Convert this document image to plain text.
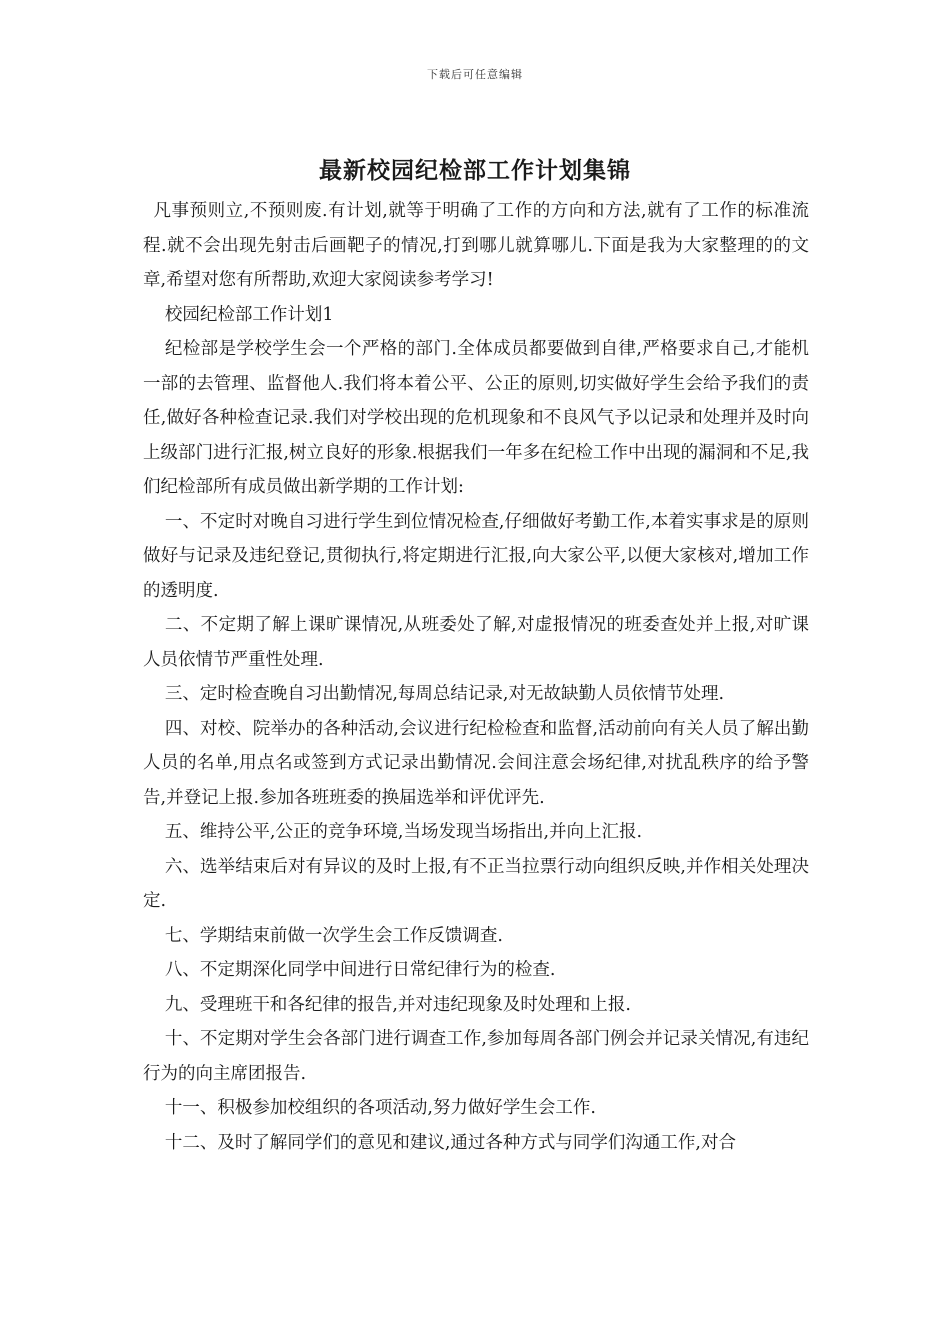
下载后可任意编辑
最新校园纪检部工作计划集锦

凡事预则立,不预则废.有计划,就等于明确了工作的方向和方法,就有了工作的标准流程.就不会出现先射击后画靶子的情况,打到哪儿就算哪儿.下面是我为大家整理的的文章,希望对您有所帮助,欢迎大家阅读参考学习!

校园纪检部工作计划1

纪检部是学校学生会一个严格的部门.全体成员都要做到自律,严格要求自己,才能机一部的去管理、监督他人.我们将本着公平、公正的原则,切实做好学生会给予我们的责任,做好各种检查记录.我们对学校出现的危机现象和不良风气予以记录和处理并及时向上级部门进行汇报,树立良好的形象.根据我们一年多在纪检工作中出现的漏洞和不足,我们纪检部所有成员做出新学期的工作计划:

一、不定时对晚自习进行学生到位情况检查,仔细做好考勤工作,本着实事求是的原则做好与记录及违纪登记,贯彻执行,将定期进行汇报,向大家公平,以便大家核对,增加工作的透明度.

二、不定期了解上课旷课情况,从班委处了解,对虚报情况的班委查处并上报,对旷课人员依情节严重性处理.

三、定时检查晚自习出勤情况,每周总结记录,对无故缺勤人员依情节处理.

四、对校、院举办的各种活动,会议进行纪检检查和监督,活动前向有关人员了解出勤人员的名单,用点名或签到方式记录出勤情况.会间注意会场纪律,对扰乱秩序的给予警告,并登记上报.参加各班班委的换届选举和评优评先.

五、维持公平,公正的竞争环境,当场发现当场指出,并向上汇报.

六、选举结束后对有异议的及时上报,有不正当拉票行动向组织反映,并作相关处理决定.

七、学期结束前做一次学生会工作反馈调查.

八、不定期深化同学中间进行日常纪律行为的检查.

九、受理班干和各纪律的报告,并对违纪现象及时处理和上报.

十、不定期对学生会各部门进行调查工作,参加每周各部门例会并记录关情况,有违纪行为的向主席团报告.

十一、积极参加校组织的各项活动,努力做好学生会工作.

十二、及时了解同学们的意见和建议,通过各种方式与同学们沟通工作,对合
